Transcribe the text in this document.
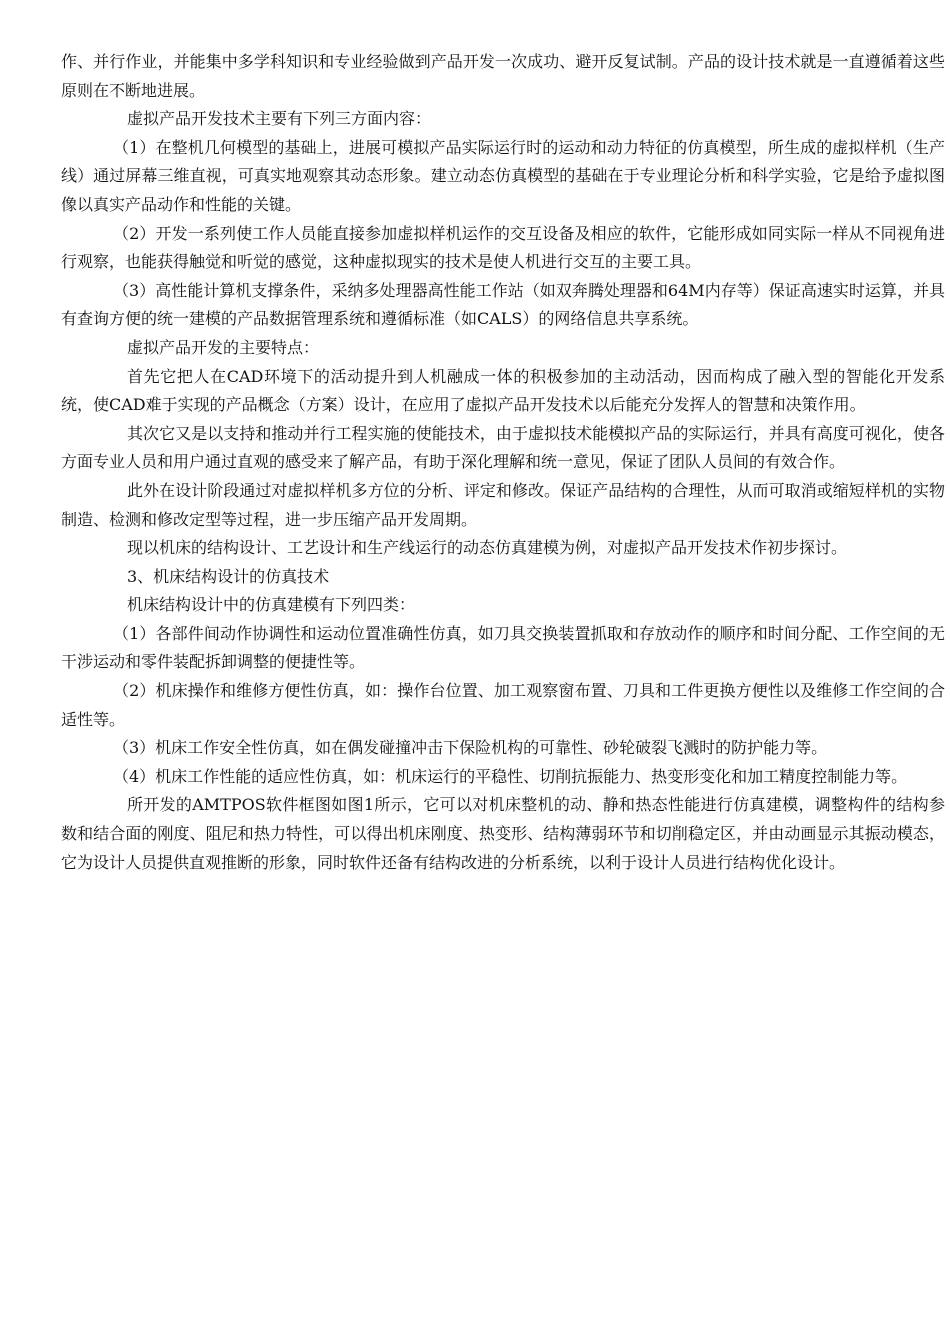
作、并行作业，并能集中多学科知识和专业经验做到产品开发一次成功、避开反复试制。产品的设计技术就是一直遵循着这些原则在不断地进展。

虚拟产品开发技术主要有下列三方面内容：

（1）在整机几何模型的基础上，进展可模拟产品实际运行时的运动和动力特征的仿真模型，所生成的虚拟样机（生产线）通过屏幕三维直视，可真实地观察其动态形象。建立动态仿真模型的基础在于专业理论分析和科学实验，它是给予虚拟图像以真实产品动作和性能的关键。

（2）开发一系列使工作人员能直接参加虚拟样机运作的交互设备及相应的软件，它能形成如同实际一样从不同视角进行观察，也能获得触觉和听觉的感觉，这种虚拟现实的技术是使人机进行交互的主要工具。

（3）高性能计算机支撑条件，采纳多处理器高性能工作站（如双奔腾处理器和64M内存等）保证高速实时运算，并具有查询方便的统一建模的产品数据管理系统和遵循标准（如CALS）的网络信息共享系统。

虚拟产品开发的主要特点：

首先它把人在CAD环境下的活动提升到人机融成一体的积极参加的主动活动，因而构成了融入型的智能化开发系统，使CAD难于实现的产品概念（方案）设计，在应用了虚拟产品开发技术以后能充分发挥人的智慧和决策作用。

其次它又是以支持和推动并行工程实施的使能技术，由于虚拟技术能模拟产品的实际运行，并具有高度可视化，使各方面专业人员和用户通过直观的感受来了解产品，有助于深化理解和统一意见，保证了团队人员间的有效合作。

此外在设计阶段通过对虚拟样机多方位的分析、评定和修改。保证产品结构的合理性，从而可取消或缩短样机的实物制造、检测和修改定型等过程，进一步压缩产品开发周期。

现以机床的结构设计、工艺设计和生产线运行的动态仿真建模为例，对虚拟产品开发技术作初步探讨。

3、机床结构设计的仿真技术

机床结构设计中的仿真建模有下列四类：

（1）各部件间动作协调性和运动位置准确性仿真，如刀具交换装置抓取和存放动作的顺序和时间分配、工作空间的无干涉运动和零件装配拆卸调整的便捷性等。

（2）机床操作和维修方便性仿真，如：操作台位置、加工观察窗布置、刀具和工件更换方便性以及维修工作空间的合适性等。

（3）机床工作安全性仿真，如在偶发碰撞冲击下保险机构的可靠性、砂轮破裂飞溅时的防护能力等。

（4）机床工作性能的适应性仿真，如：机床运行的平稳性、切削抗振能力、热变形变化和加工精度控制能力等。

所开发的AMTPOS软件框图如图1所示，它可以对机床整机的动、静和热态性能进行仿真建模，调整构件的结构参数和结合面的刚度、阻尼和热力特性，可以得出机床刚度、热变形、结构薄弱环节和切削稳定区，并由动画显示其振动模态，它为设计人员提供直观推断的形象，同时软件还备有结构改进的分析系统，以利于设计人员进行结构优化设计。
